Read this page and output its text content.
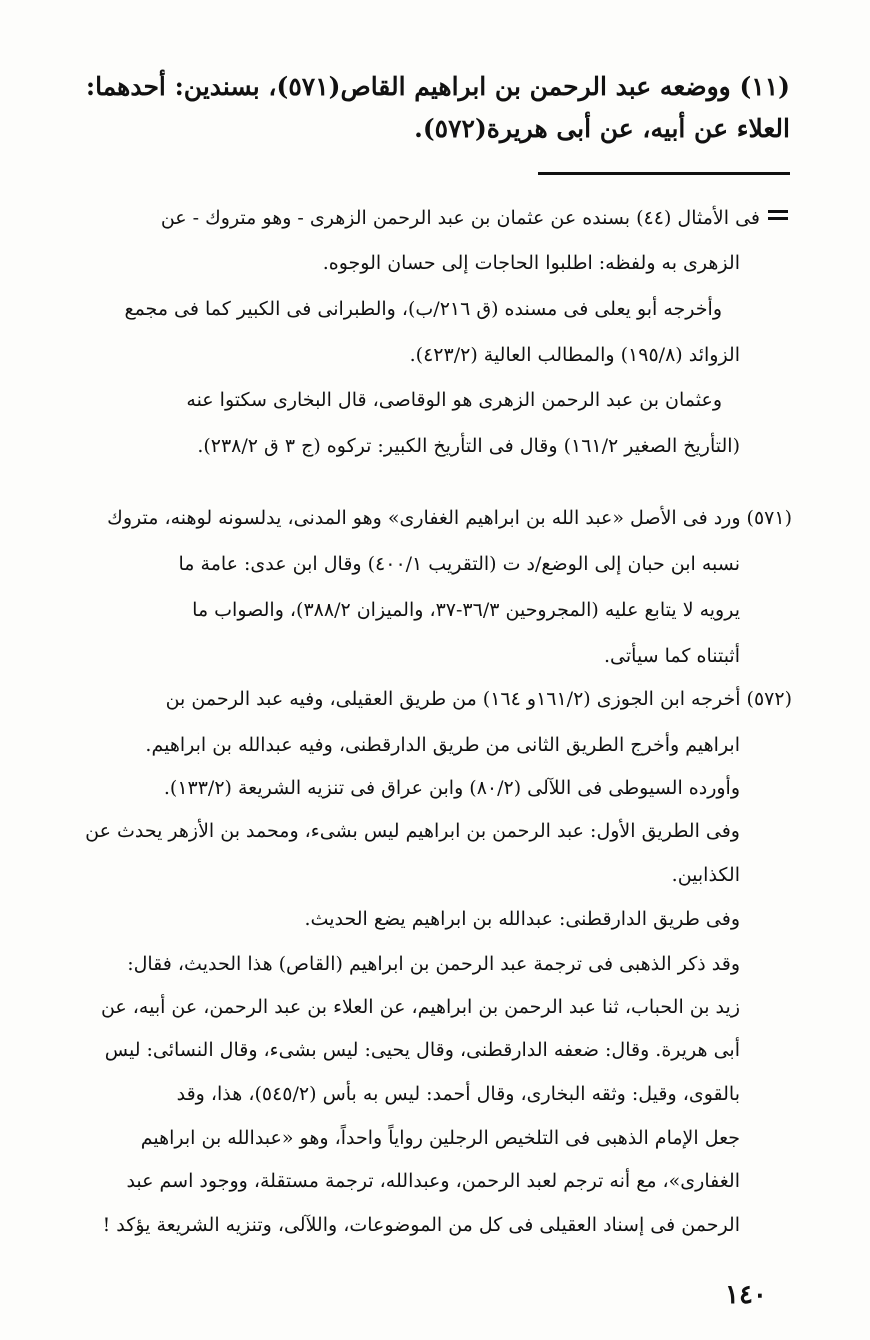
(١١) ووضعه عبد الرحمن بن ابراهيم القاص(٥٧١)، بسندين: أحدهما:
العلاء عن أبيه، عن أبى هريرة(٥٧٢).
فى الأمثال (٤٤) بسنده عن عثمان بن عبد الرحمن الزهرى - وهو متروك - عن
الزهرى به ولفظه: اطلبوا الحاجات إلى حسان الوجوه.
وأخرجه أبو يعلى فى مسنده (ق ٢١٦/ب)، والطبرانى فى الكبير كما فى مجمع
الزوائد (١٩٥/٨) والمطالب العالية (٤٢٣/٢).
وعثمان بن عبد الرحمن الزهرى هو الوقاصى، قال البخارى سكتوا عنه
(التأريخ الصغير ١٦١/٢) وقال فى التأريخ الكبير: تركوه (ج ٣ ق ٢٣٨/٢).
(٥٧١) ورد فى الأصل «عبد الله بن ابراهيم الغفارى» وهو المدنى، يدلسونه لوهنه، متروك
نسبه ابن حبان إلى الوضع/د ت (التقريب ٤٠٠/١) وقال ابن عدى: عامة ما
يرويه لا يتابع عليه (المجروحين ٣٦/٣-٣٧، والميزان ٣٨٨/٢)، والصواب ما
أثبتناه كما سيأتى.
(٥٧٢) أخرجه ابن الجوزى (١٦١/٢و ١٦٤) من طريق العقيلى، وفيه عبد الرحمن بن
ابراهيم وأخرج الطريق الثانى من طريق الدارقطنى، وفيه عبدالله بن ابراهيم.
وأورده السيوطى فى اللآلى (٨٠/٢) وابن عراق فى تنزيه الشريعة (١٣٣/٢).
وفى الطريق الأول: عبد الرحمن بن ابراهيم ليس بشىء، ومحمد بن الأزهر يحدث عن
الكذابين.
وفى طريق الدارقطنى: عبدالله بن ابراهيم يضع الحديث.
وقد ذكر الذهبى فى ترجمة عبد الرحمن بن ابراهيم (القاص) هذا الحديث، فقال:
زيد بن الحباب، ثنا عبد الرحمن بن ابراهيم، عن العلاء بن عبد الرحمن، عن أبيه، عن
أبى هريرة. وقال: ضعفه الدارقطنى، وقال يحيى: ليس بشىء، وقال النسائى: ليس
بالقوى، وقيل: وثقه البخارى، وقال أحمد: ليس به بأس (٥٤٥/٢)، هذا، وقد
جعل الإمام الذهبى فى التلخيص الرجلين رواياً واحداً، وهو «عبدالله بن ابراهيم
الغفارى»، مع أنه ترجم لعبد الرحمن، وعبدالله، ترجمة مستقلة، ووجود اسم عبد
الرحمن فى إسناد العقيلى فى كل من الموضوعات، واللآلى، وتنزيه الشريعة يؤكد !
١٤٠
